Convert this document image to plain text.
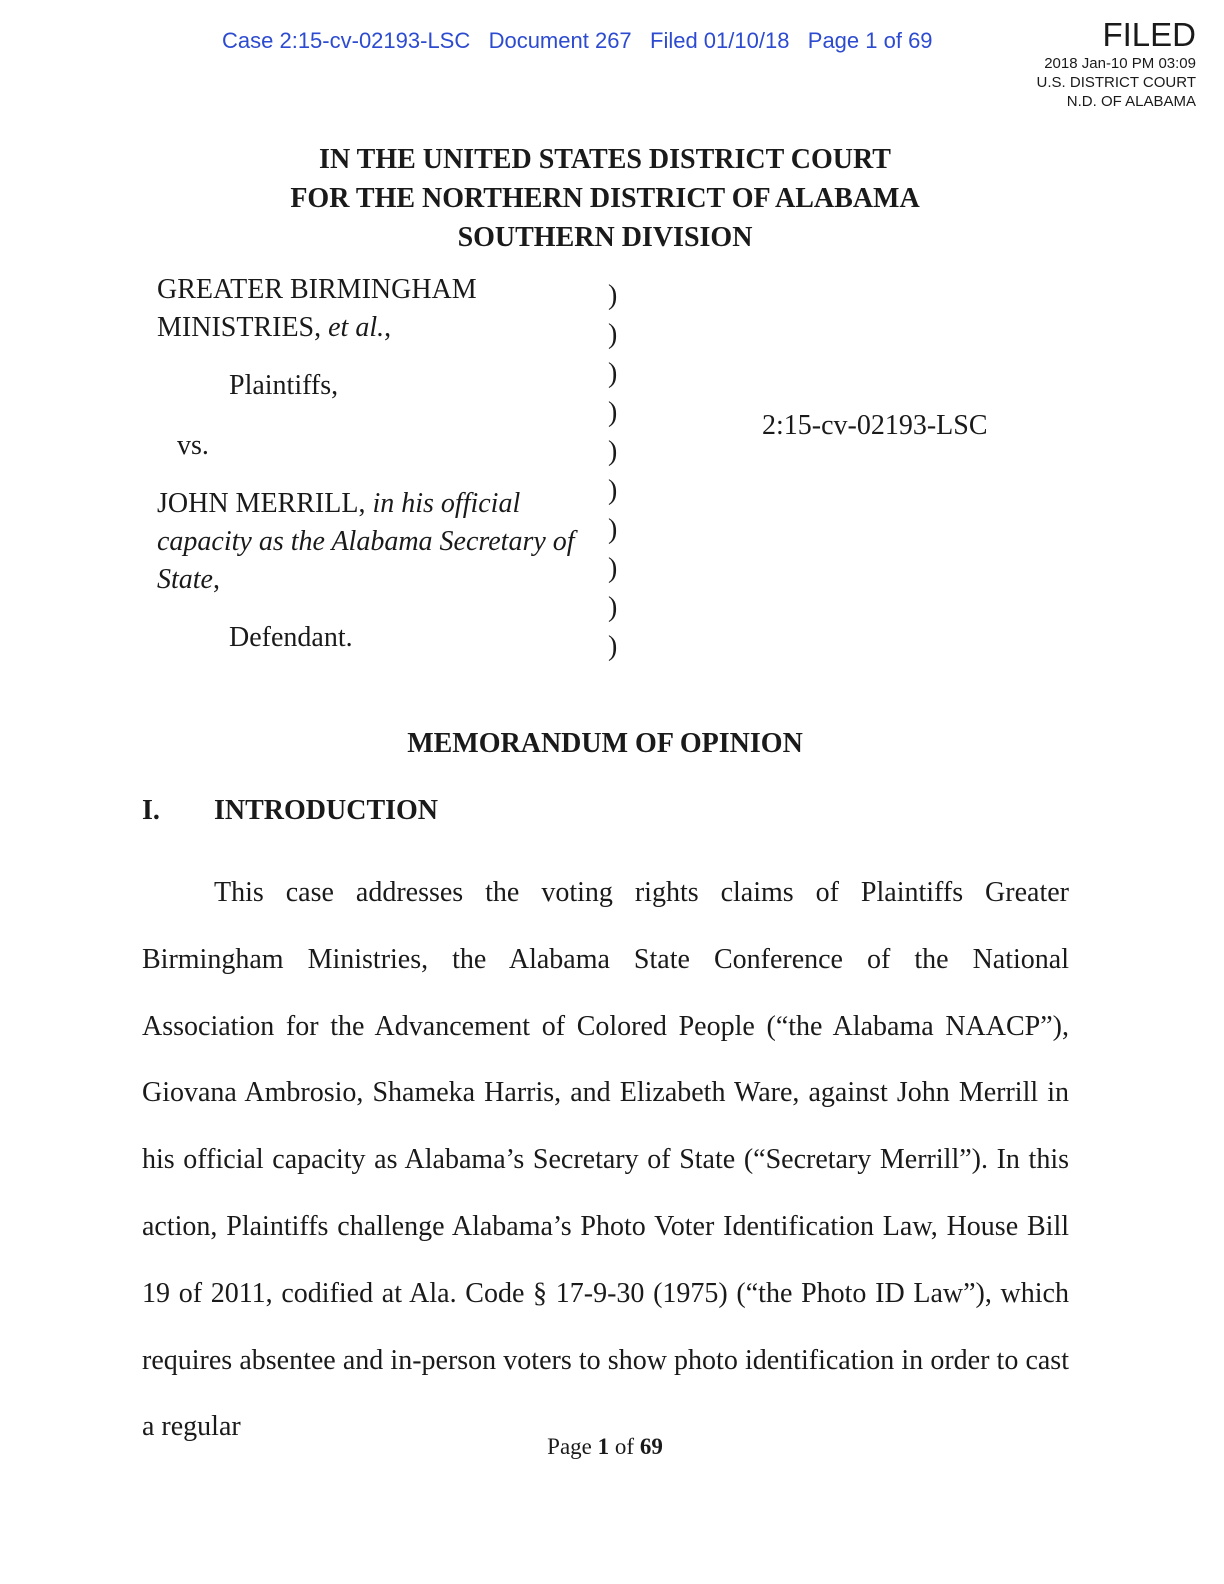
Case 2:15-cv-02193-LSC   Document 267   Filed 01/10/18   Page 1 of 69	FILED
2018 Jan-10 PM 03:09
U.S. DISTRICT COURT
N.D. OF ALABAMA
IN THE UNITED STATES DISTRICT COURT
FOR THE NORTHERN DISTRICT OF ALABAMA
SOUTHERN DIVISION
GREATER BIRMINGHAM
MINISTRIES, et al.,
Plaintiffs,
vs.
JOHN MERRILL, in his official
capacity as the Alabama Secretary of
State,
Defendant.
)
)
)
)
)
)
)
)
)
)
2:15-cv-02193-LSC
MEMORANDUM OF OPINION
I. INTRODUCTION

This case addresses the voting rights claims of Plaintiffs Greater Birmingham Ministries, the Alabama State Conference of the National Association for the Advancement of Colored People (“the Alabama NAACP”), Giovana Ambrosio, Shameka Harris, and Elizabeth Ware, against John Merrill in his official capacity as Alabama’s Secretary of State (“Secretary Merrill”). In this action, Plaintiffs challenge Alabama’s Photo Voter Identification Law, House Bill 19 of 2011, codified at Ala. Code § 17-9-30 (1975) (“the Photo ID Law”), which requires absentee and in-person voters to show photo identification in order to cast a regular

Page 1 of 69
